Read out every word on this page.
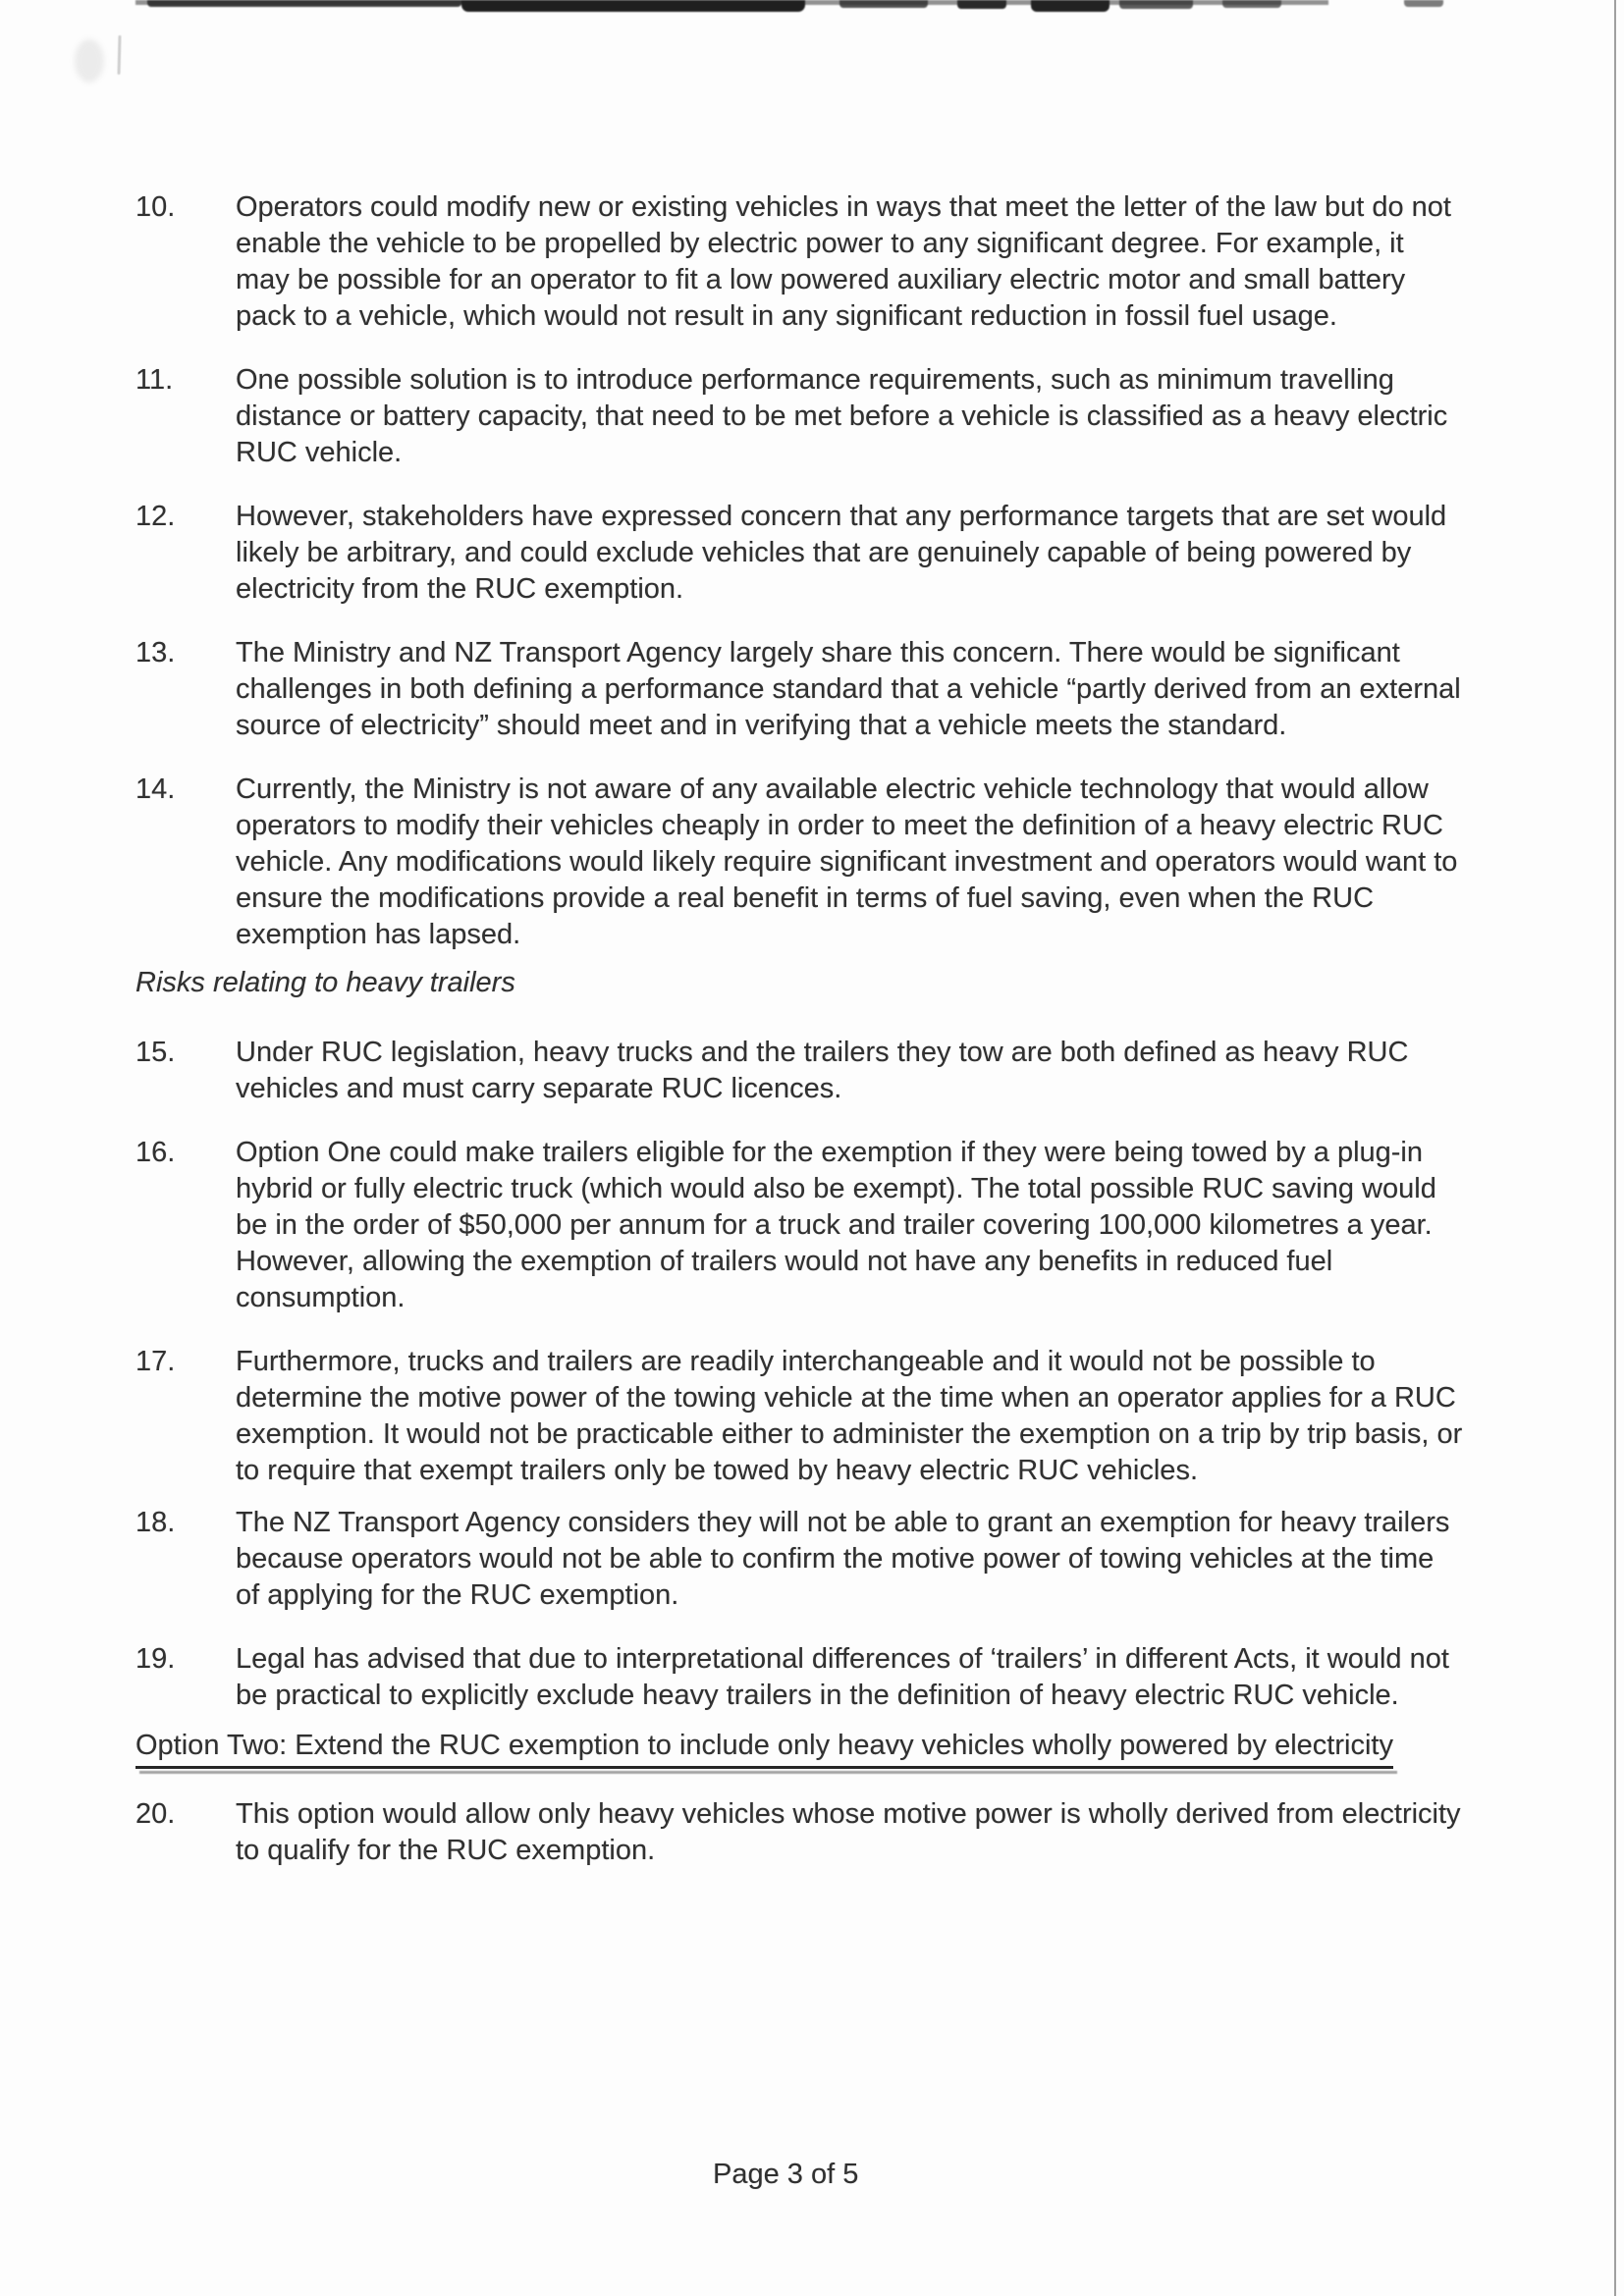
10.	Operators could modify new or existing vehicles in ways that meet the letter of the law but do not enable the vehicle to be propelled by electric power to any significant degree. For example, it may be possible for an operator to fit a low powered auxiliary electric motor and small battery pack to a vehicle, which would not result in any significant reduction in fossil fuel usage.
11.	One possible solution is to introduce performance requirements, such as minimum travelling distance or battery capacity, that need to be met before a vehicle is classified as a heavy electric RUC vehicle.
12.	However, stakeholders have expressed concern that any performance targets that are set would likely be arbitrary, and could exclude vehicles that are genuinely capable of being powered by electricity from the RUC exemption.
13.	The Ministry and NZ Transport Agency largely share this concern. There would be significant challenges in both defining a performance standard that a vehicle “partly derived from an external source of electricity” should meet and in verifying that a vehicle meets the standard.
14.	Currently, the Ministry is not aware of any available electric vehicle technology that would allow operators to modify their vehicles cheaply in order to meet the definition of a heavy electric RUC vehicle. Any modifications would likely require significant investment and operators would want to ensure the modifications provide a real benefit in terms of fuel saving, even when the RUC exemption has lapsed.
Risks relating to heavy trailers
15.	Under RUC legislation, heavy trucks and the trailers they tow are both defined as heavy RUC vehicles and must carry separate RUC licences.
16.	Option One could make trailers eligible for the exemption if they were being towed by a plug-in hybrid or fully electric truck (which would also be exempt). The total possible RUC saving would be in the order of $50,000 per annum for a truck and trailer covering 100,000 kilometres a year. However, allowing the exemption of trailers would not have any benefits in reduced fuel consumption.
17.	Furthermore, trucks and trailers are readily interchangeable and it would not be possible to determine the motive power of the towing vehicle at the time when an operator applies for a RUC exemption. It would not be practicable either to administer the exemption on a trip by trip basis, or to require that exempt trailers only be towed by heavy electric RUC vehicles.
18.	The NZ Transport Agency considers they will not be able to grant an exemption for heavy trailers because operators would not be able to confirm the motive power of towing vehicles at the time of applying for the RUC exemption.
19.	Legal has advised that due to interpretational differences of ‘trailers’ in different Acts, it would not be practical to explicitly exclude heavy trailers in the definition of heavy electric RUC vehicle.
Option Two: Extend the RUC exemption to include only heavy vehicles wholly powered by electricity
20.	This option would allow only heavy vehicles whose motive power is wholly derived from electricity to qualify for the RUC exemption.
Page 3 of 5
